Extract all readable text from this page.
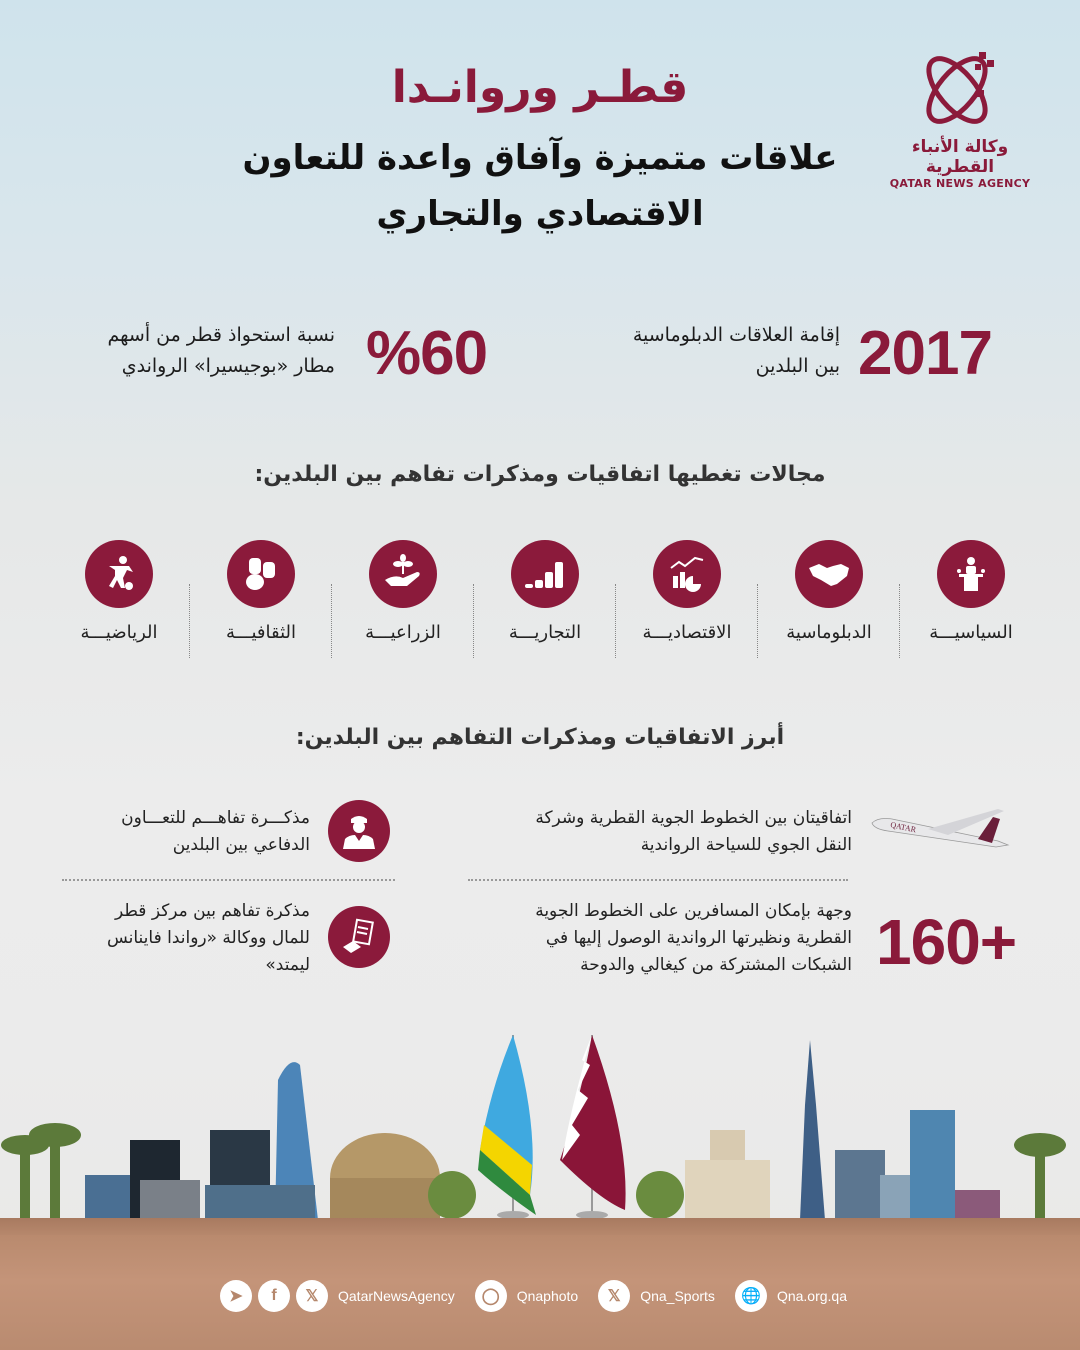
قطـر وروانـدا
علاقات متميزة وآفاق واعدة للتعاون
الاقتصادي والتجاري
وكالة الأنباء القطرية
QATAR NEWS AGENCY
2017
إقامة العلاقات الدبلوماسية
بين البلدين
%60
نسبة استحواذ قطر من أسهم
مطار «بوجيسيرا» الرواندي
مجالات تغطيها اتفاقيات ومذكرات تفاهم بين البلدين:
السياسيـــة
الدبلوماسية
الاقتصاديـــة
التجاريـــة
الزراعيـــة
الثقافيـــة
الرياضيـــة
أبرز الاتفاقيات ومذكرات التفاهم بين البلدين:
QATAR
اتفاقيتان بين الخطوط الجوية القطرية وشركة
النقل الجوي للسياحة الرواندية
مذكـــرة تفاهـــم للتعـــاون
الدفاعي بين البلدين
160+
وجهة بإمكان المسافرين على الخطوط الجوية
القطرية ونظيرتها الرواندية الوصول إليها في
الشبكات المشتركة من كيغالي والدوحة
مذكرة تفاهم بين مركز قطر
للمال ووكالة «رواندا فاينانس
ليمتد»
➤	f	𝕏	QatarNewsAgency	◯	Qnaphoto	𝕏	Qna_Sports	🌐	Qna.org.qa
